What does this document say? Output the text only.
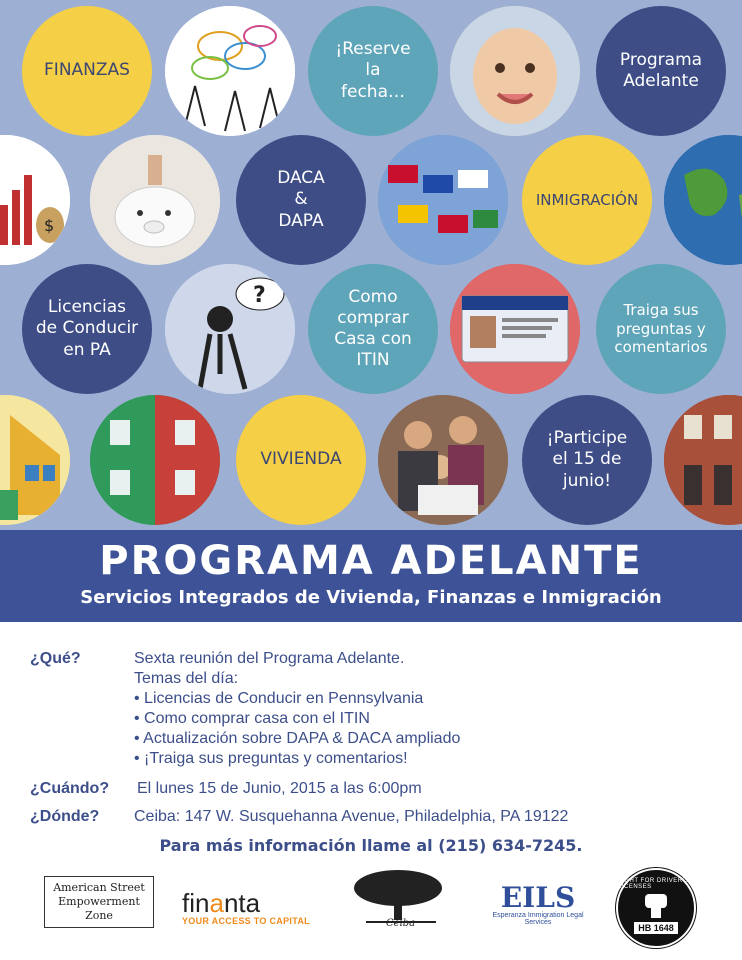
FINANZAS
¡Reserve
la
fecha…
Programa
Adelante
$
DACA
&
DAPA
INMIGRACIÓN
Licencias
de Conducir
en PA
?	Como
comprar
Casa con
ITIN
Traiga sus
preguntas y
comentarios
VIVIENDA
¡Participe
el 15 de
junio!
PROGRAMA ADELANTE
Servicios Integrados de Vivienda, Finanzas e Inmigración
¿Qué?	Sexta reunión del Programa Adelante.
Temas del día:
• Licencias de Conducir en Pennsylvania
• Como comprar casa con el ITIN
• Actualización sobre DAPA & DACA ampliado
• ¡Traiga sus preguntas y comentarios!
¿Cuándo? El lunes 15 de Junio, 2015 a las 6:00pm
¿Dónde? Ceiba: 147 W. Susquehanna Avenue, Philadelphia, PA 19122
Para más información llame al (215) 634-7245.
American Street
Empowerment Zone	finanta
YOUR ACCESS TO CAPITAL	Ceiba
EILS
Esperanza Immigration Legal Services
FIGHT FOR DRIVER'S LICENSES
HB 1648
